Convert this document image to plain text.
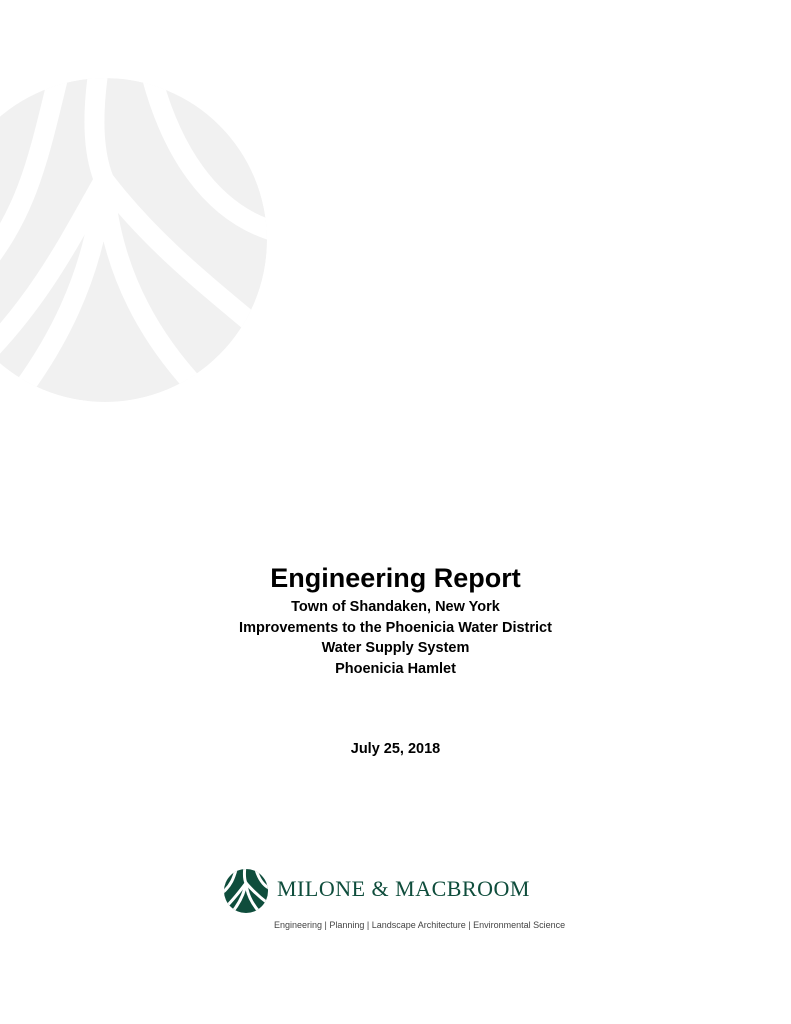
Engineering Report

Town of Shandaken, New York

Improvements to the Phoenicia Water District

Water Supply System

Phoenicia Hamlet

July 25, 2018
MILONE & MACBROOM
Engineering | Planning | Landscape Architecture | Environmental Science
